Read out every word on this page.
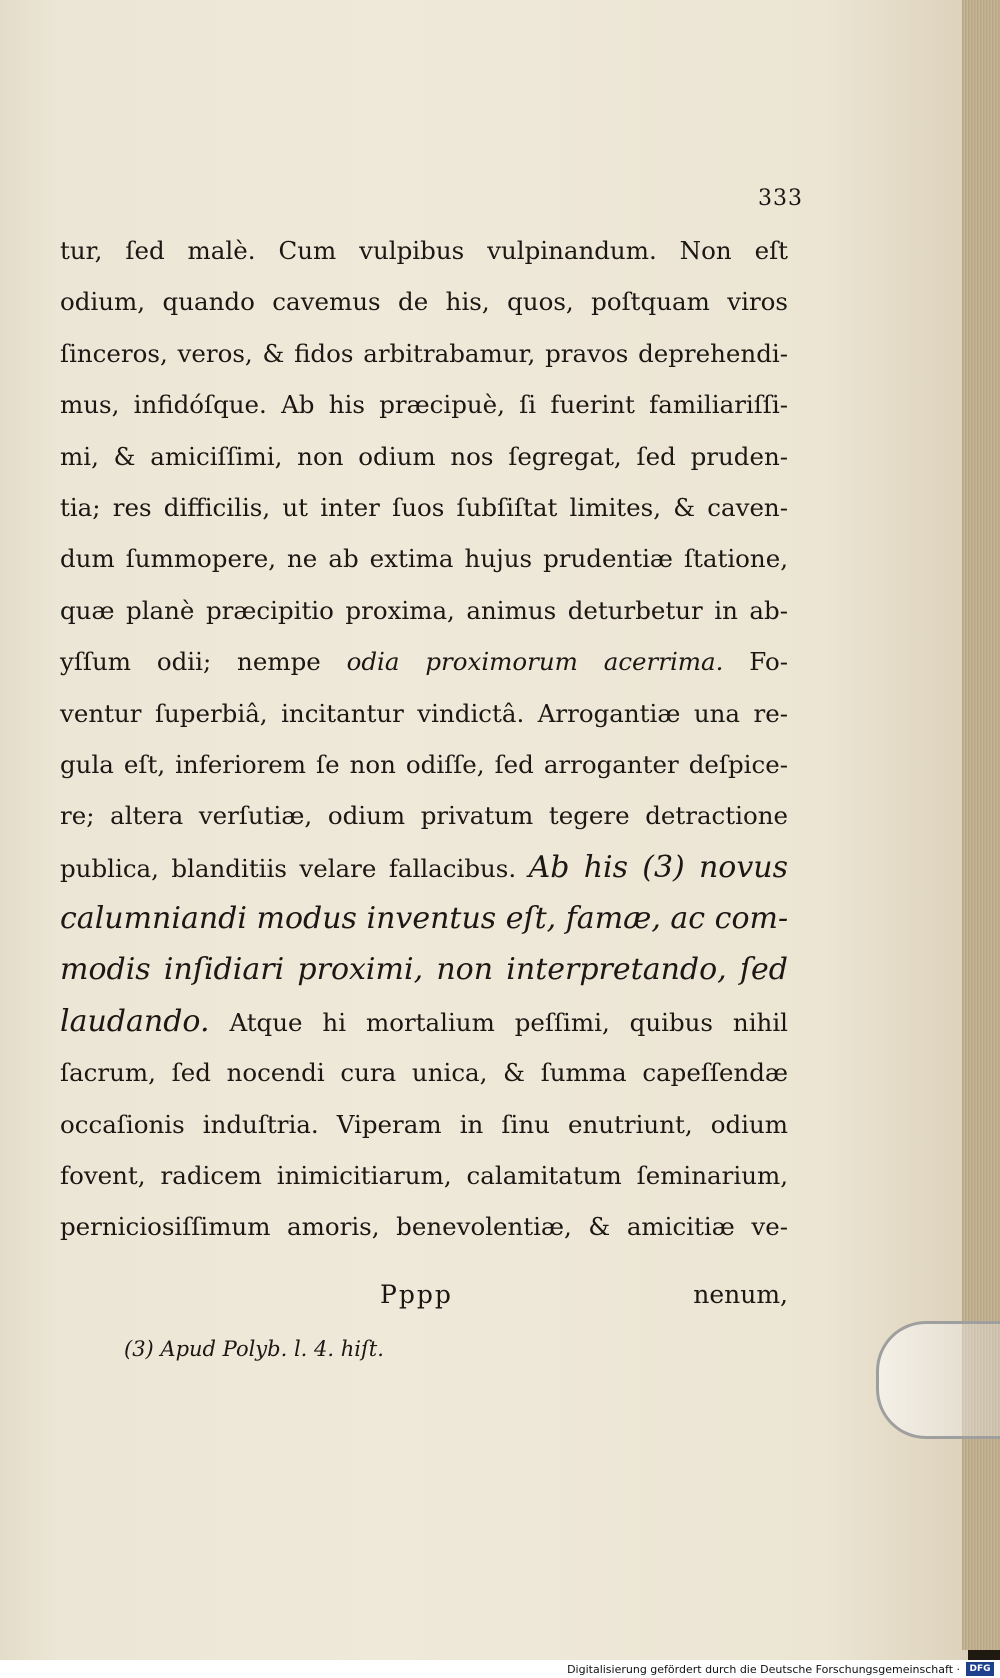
333
tur, ſed malè. Cum vulpibus vulpinandum. Non eſt
odium, quando cavemus de his, quos, poſtquam viros
ſinceros, veros, & fidos arbitrabamur, pravos deprehendi-
mus, infidóſque. Ab his præcipuè, ſi fuerint familiariſſi-
mi, & amiciſſimi, non odium nos ſegregat, ſed pruden-
tia; res difficilis, ut inter ſuos ſubſiſtat limites, & caven-
dum ſummopere, ne ab extima hujus prudentiæ ſtatione,
quæ planè præcipitio proxima, animus deturbetur in ab-
yſſum odii; nempe odia proximorum acerrima. Fo-
ventur ſuperbiâ, incitantur vindictâ. Arrogantiæ una re-
gula eſt, inferiorem ſe non odiſſe, ſed arroganter deſpice-
re; altera verſutiæ, odium privatum tegere detractione
publica, blanditiis velare fallacibus. Ab his (3) novus
calumniandi modus inventus eſt, famæ, ac com-
modis inſidiari proximi, non interpretando, ſed
laudando. Atque hi mortalium peſſimi, quibus nihil
ſacrum, ſed nocendi cura unica, & ſumma capeſſendæ
occaſionis induſtria. Viperam in ſinu enutriunt, odium
fovent, radicem inimicitiarum, calamitatum ſeminarium,
perniciosiſſimum amoris, benevolentiæ, & amicitiæ ve-
Pppp	nenum,
(3) Apud Polyb. l. 4. hiſt.
Digitalisierung gefördert durch die Deutsche Forschungsgemeinschaft ·	DFG
